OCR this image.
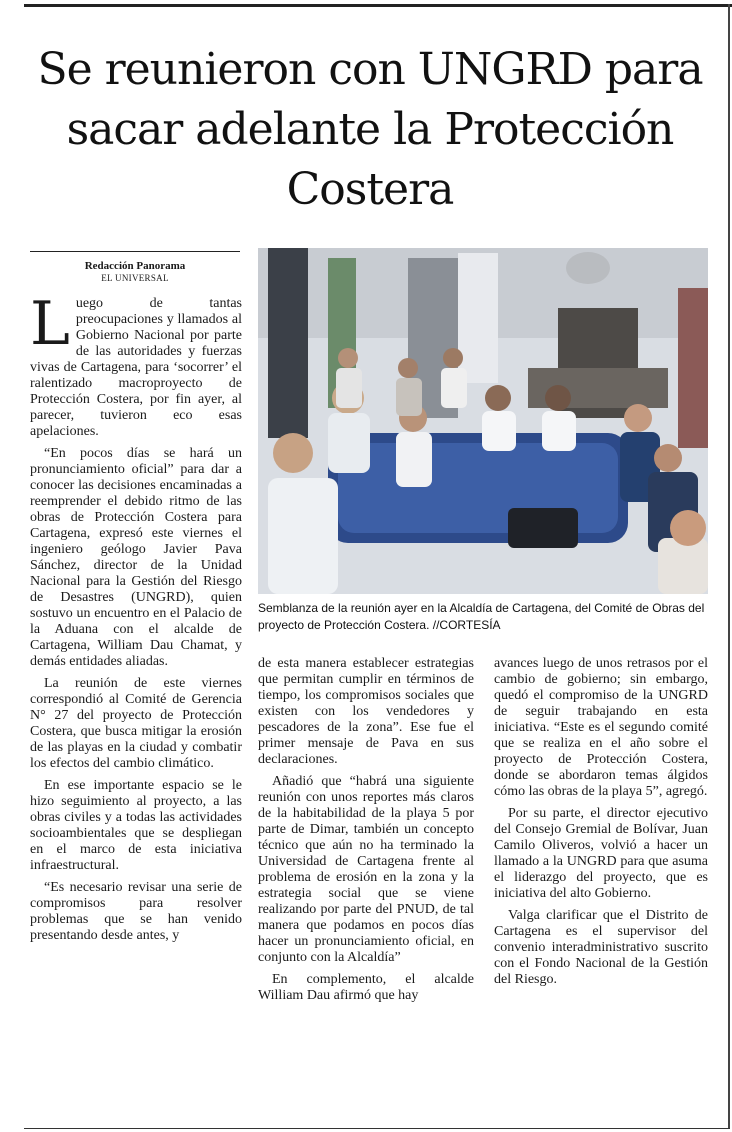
Se reunieron con UNGRD para sacar adelante la Protección Costera
Redacción Panorama
EL UNIVERSAL
Semblanza de la reunión ayer en la Alcaldía de Cartagena, del Comité de Obras del proyecto de Protección Costera. //CORTESÍA

Luego de tantas preocupaciones y llamados al Gobierno Nacional por parte de las autoridades y fuerzas vivas de Cartagena, para ‘socorrer’ el ralentizado macroproyecto de Protección Costera, por fin ayer, al parecer, tuvieron eco esas apelaciones.

“En pocos días se hará un pronunciamiento oficial” para dar a conocer las decisiones encaminadas a reemprender el debido ritmo de las obras de Protección Costera para Cartagena, expresó este viernes el ingeniero geólogo Javier Pava Sánchez, director de la Unidad Nacional para la Gestión del Riesgo de Desastres (UNGRD), quien sostuvo un encuentro en el Palacio de la Aduana con el alcalde de Cartagena, William Dau Chamat, y demás entidades aliadas.

La reunión de este viernes correspondió al Comité de Gerencia N° 27 del proyecto de Protección Costera, que busca mitigar la erosión de las playas en la ciudad y combatir los efectos del cambio climático.

En ese importante espacio se le hizo seguimiento al proyecto, a las obras civiles y a todas las actividades socioambientales que se despliegan en el marco de esta iniciativa infraestructural.

“Es necesario revisar una serie de compromisos para resolver problemas que se han venido presentando desde antes, y

de esta manera establecer estrategias que permitan cumplir en términos de tiempo, los compromisos sociales que existen con los vendedores y pescadores de la zona”. Ese fue el primer mensaje de Pava en sus declaraciones.

Añadió que “habrá una siguiente reunión con unos reportes más claros de la habitabilidad de la playa 5 por parte de Dimar, también un concepto técnico que aún no ha terminado la Universidad de Cartagena frente al problema de erosión en la zona y la estrategia social que se viene realizando por parte del PNUD, de tal manera que podamos en pocos días hacer un pronunciamiento oficial, en conjunto con la Alcaldía”

En complemento, el alcalde William Dau afirmó que hay

avances luego de unos retrasos por el cambio de gobierno; sin embargo, quedó el compromiso de la UNGRD de seguir trabajando en esta iniciativa. “Este es el segundo comité que se realiza en el año sobre el proyecto de Protección Costera, donde se abordaron temas álgidos cómo las obras de la playa 5”, agregó.

Por su parte, el director ejecutivo del Consejo Gremial de Bolívar, Juan Camilo Oliveros, volvió a hacer un llamado a la UNGRD para que asuma el liderazgo del proyecto, que es iniciativa del alto Gobierno.

Valga clarificar que el Distrito de Cartagena es el supervisor del convenio interadministrativo suscrito con el Fondo Nacional de la Gestión del Riesgo.
